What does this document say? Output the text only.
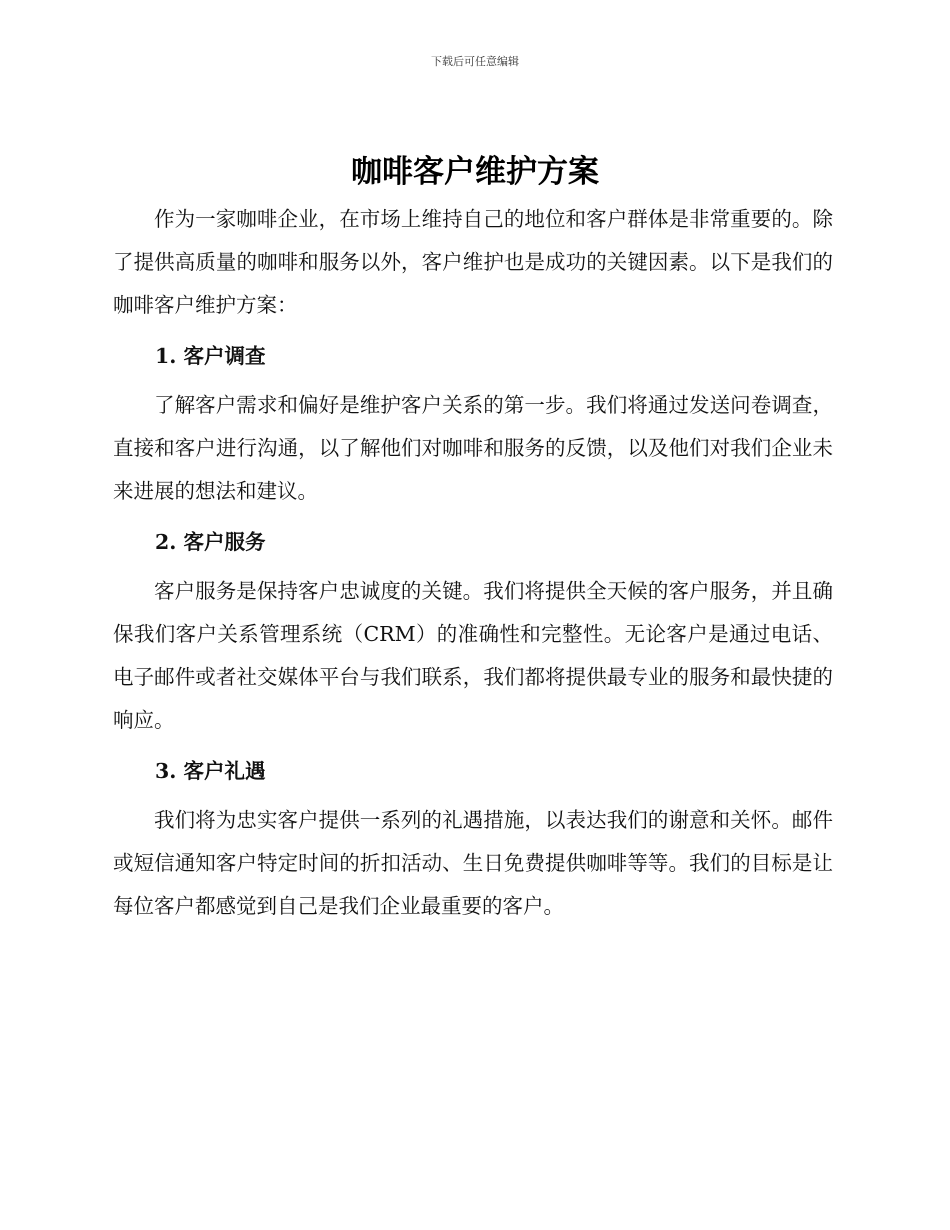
下载后可任意编辑
咖啡客户维护方案

作为一家咖啡企业，在市场上维持自己的地位和客户群体是非常重要的。除了提供高质量的咖啡和服务以外，客户维护也是成功的关键因素。以下是我们的咖啡客户维护方案：

1. 客户调查

了解客户需求和偏好是维护客户关系的第一步。我们将通过发送问卷调查，直接和客户进行沟通，以了解他们对咖啡和服务的反馈，以及他们对我们企业未来进展的想法和建议。

2. 客户服务

客户服务是保持客户忠诚度的关键。我们将提供全天候的客户服务，并且确保我们客户关系管理系统（CRM）的准确性和完整性。无论客户是通过电话、电子邮件或者社交媒体平台与我们联系，我们都将提供最专业的服务和最快捷的响应。

3. 客户礼遇

我们将为忠实客户提供一系列的礼遇措施，以表达我们的谢意和关怀。邮件或短信通知客户特定时间的折扣活动、生日免费提供咖啡等等。我们的目标是让每位客户都感觉到自己是我们企业最重要的客户。
